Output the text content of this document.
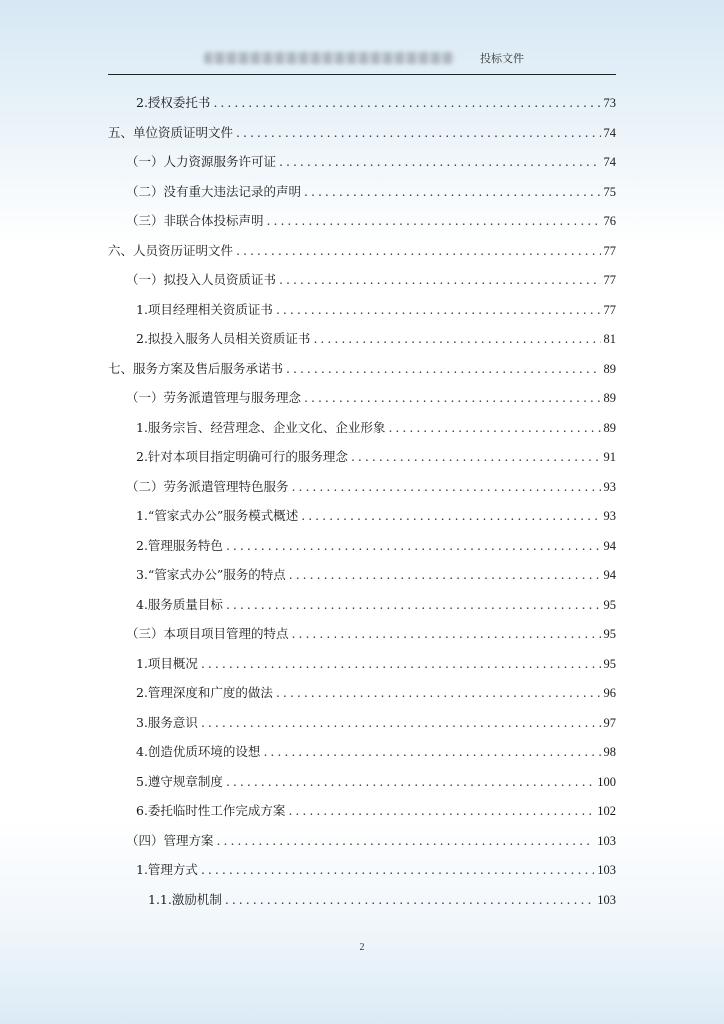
投标文件
2.授权委托书 .....	73
五、单位资质证明文件 .....	74
（一）人力资源服务许可证 .....	74
（二）没有重大违法记录的声明 .....	75
（三）非联合体投标声明 .....	76
六、人员资历证明文件 .....	77
（一）拟投入人员资质证书 .....	77
1.项目经理相关资质证书 .....	77
2.拟投入服务人员相关资质证书 .....	81
七、服务方案及售后服务承诺书 .....	89
（一）劳务派遣管理与服务理念 .....	89
1.服务宗旨、经营理念、企业文化、企业形象 .....	89
2.针对本项目指定明确可行的服务理念 .....	91
（二）劳务派遣管理特色服务 .....	93
1.“管家式办公”服务模式概述 .....	93
2.管理服务特色 .....	94
3.“管家式办公”服务的特点 .....	94
4.服务质量目标 .....	95
（三）本项目项目管理的特点 .....	95
1.项目概况 .....	95
2.管理深度和广度的做法 .....	96
3.服务意识 .....	97
4.创造优质环境的设想 .....	98
5.遵守规章制度 .....	100
6.委托临时性工作完成方案 .....	102
（四）管理方案 .....	103
1.管理方式 .....	103
1.1.激励机制 .....	103
2
